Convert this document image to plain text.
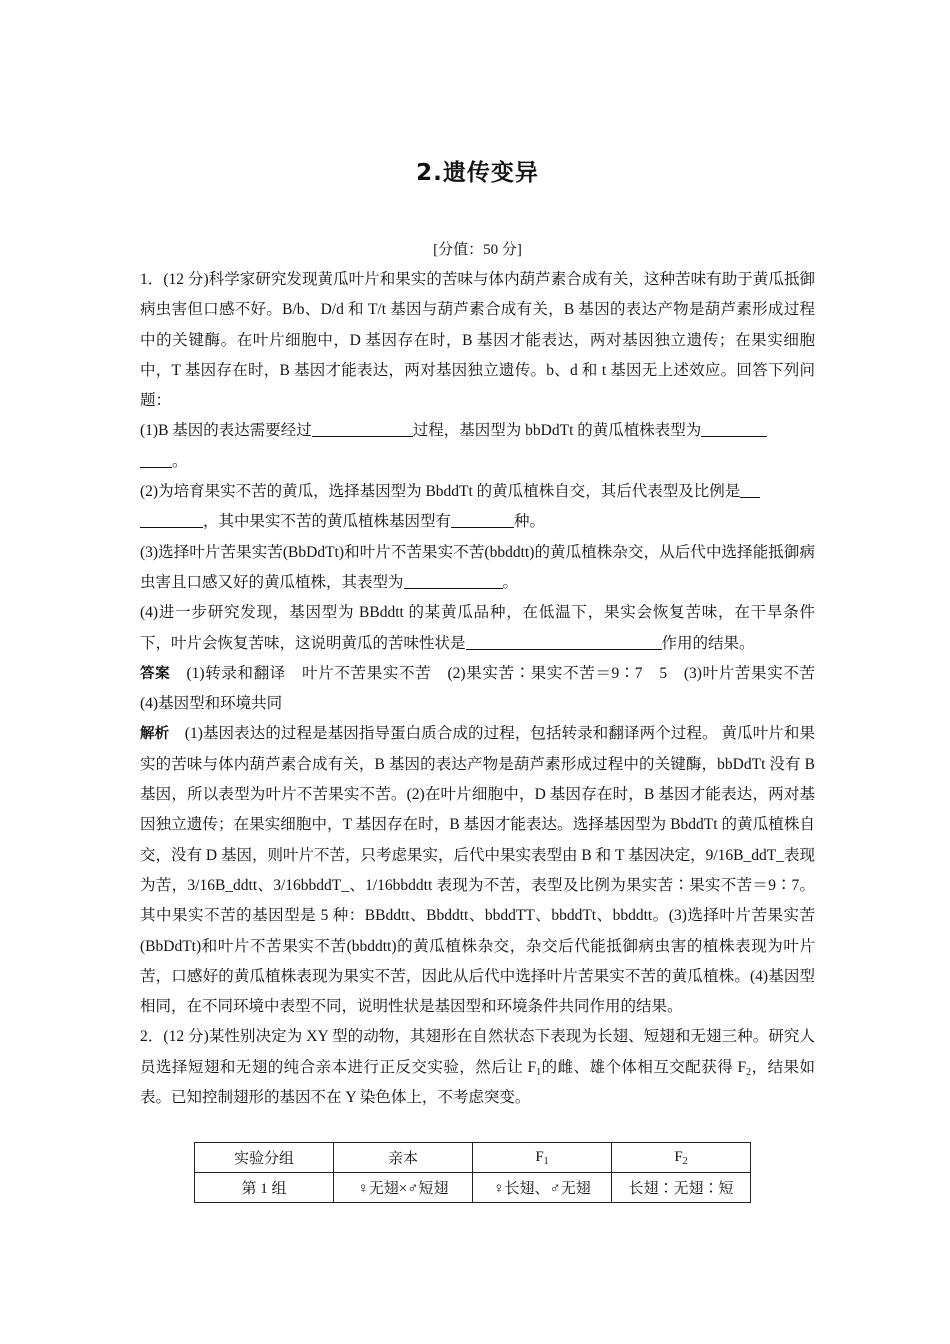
2.遗传变异
[分值：50 分]

1．(12 分)科学家研究发现黄瓜叶片和果实的苦味与体内葫芦素合成有关，这种苦味有助于黄瓜抵御病虫害但口感不好。B/b、D/d 和 T/t 基因与葫芦素合成有关，B 基因的表达产物是葫芦素形成过程中的关键酶。在叶片细胞中，D 基因存在时，B 基因才能表达，两对基因独立遗传；在果实细胞中，T 基因存在时，B 基因才能表达，两对基因独立遗传。b、d 和 t 基因无上述效应。回答下列问题：

(1)B 基因的表达需要经过	过程，基因型为 bbDdTt 的黄瓜植株表型为
。

(2)为培育果实不苦的黄瓜，选择基因型为 BbddTt 的黄瓜植株自交，其后代表型及比例是
，其中果实不苦的黄瓜植株基因型有	种。

(3)选择叶片苦果实苦(BbDdTt)和叶片不苦果实不苦(bbddtt)的黄瓜植株杂交，从后代中选择能抵御病虫害且口感又好的黄瓜植株，其表型为	。

(4)进一步研究发现，基因型为 BBddtt 的某黄瓜品种，在低温下，果实会恢复苦味，在干旱条件下，叶片会恢复苦味，这说明黄瓜的苦味性状是	作用的结果。

答案　 (1)转录和翻译　叶片不苦果实不苦　(2)果实苦∶果实不苦＝9∶7　5　(3)叶片苦果实不苦　(4)基因型和环境共同

解析　 (1)基因表达的过程是基因指导蛋白质合成的过程，包括转录和翻译两个过程。 黄瓜叶片和果实的苦味与体内葫芦素合成有关，B 基因的表达产物是葫芦素形成过程中的关键酶，bbDdTt 没有 B 基因，所以表型为叶片不苦果实不苦。(2)在叶片细胞中，D 基因存在时，B 基因才能表达，两对基因独立遗传；在果实细胞中，T 基因存在时，B 基因才能表达。选择基因型为 BbddTt 的黄瓜植株自交，没有 D 基因，则叶片不苦，只考虑果实，后代中果实表型由 B 和 T 基因决定，9/16B_ddT_表现为苦，3/16B_ddtt、3/16bbddT_、1/16bbddtt 表现为不苦，表型及比例为果实苦∶果实不苦＝9∶7。其中果实不苦的基因型是 5 种：BBddtt、Bbddtt、bbddTT、bbddTt、bbddtt。(3)选择叶片苦果实苦(BbDdTt)和叶片不苦果实不苦(bbddtt)的黄瓜植株杂交，杂交后代能抵御病虫害的植株表现为叶片苦，口感好的黄瓜植株表现为果实不苦，因此从后代中选择叶片苦果实不苦的黄瓜植株。(4)基因型相同，在不同环境中表型不同，说明性状是基因型和环境条件共同作用的结果。

2．(12 分)某性别决定为 XY 型的动物，其翅形在自然状态下表现为长翅、短翅和无翅三种。研究人员选择短翅和无翅的纯合亲本进行正反交实验，然后让 $F_1$的雌、雄个体相互交配获得 $F_2$，结果如表。已知控制翅形的基因不在 Y 染色体上，不考虑突变。

实验分组	亲本	$F_1$	$F_2$
第 1 组	♀无翅×♂短翅	♀长翅、♂无翅	长翅∶无翅∶短
